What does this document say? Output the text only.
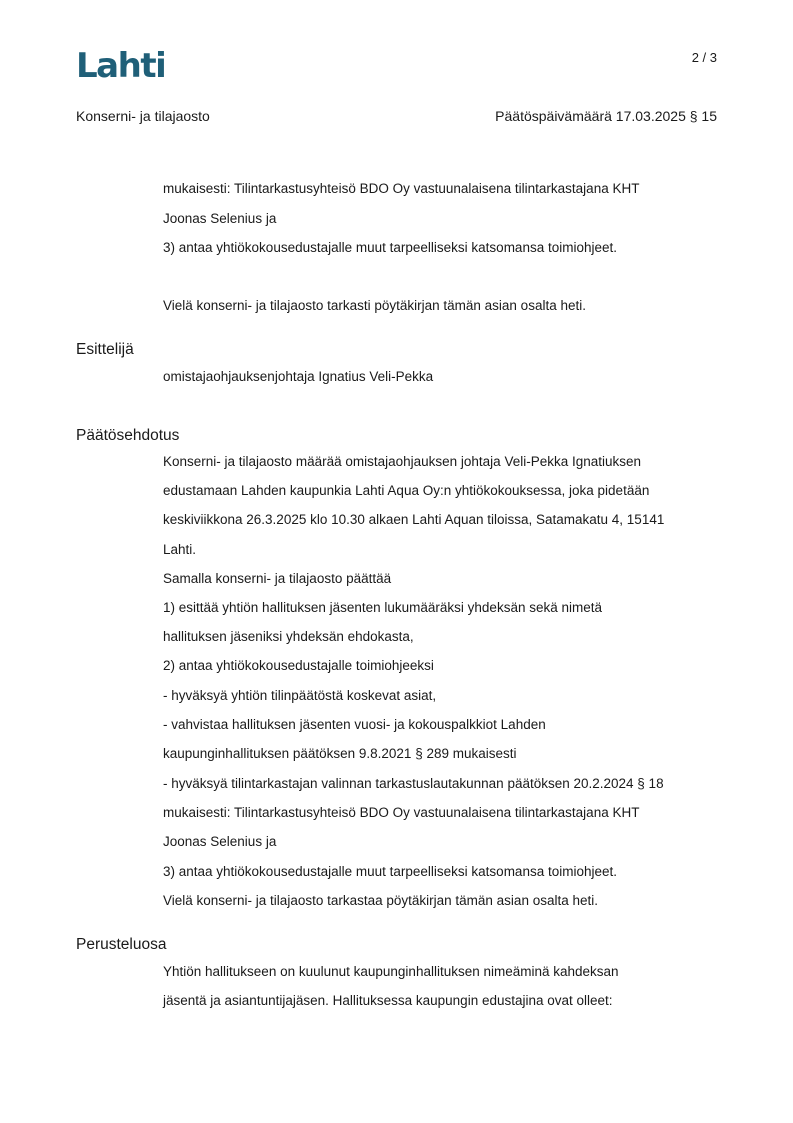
Lahti	2 / 3
Konserni- ja tilajaosto	Päätöspäivämäärä 17.03.2025 § 15
mukaisesti: Tilintarkastusyhteisö BDO Oy vastuunalaisena tilintarkastajana KHT
Joonas Selenius ja
3) antaa yhtiökokousedustajalle muut tarpeelliseksi katsomansa toimiohjeet.
Vielä konserni- ja tilajaosto tarkasti pöytäkirjan tämän asian osalta heti.
Esittelijä
omistajaohjauksenjohtaja Ignatius Veli-Pekka
Päätösehdotus
Konserni- ja tilajaosto määrää omistajaohjauksen johtaja Veli-Pekka Ignatiuksen
edustamaan Lahden kaupunkia Lahti Aqua Oy:n yhtiökokouksessa, joka pidetään
keskiviikkona 26.3.2025 klo 10.30 alkaen Lahti Aquan tiloissa, Satamakatu 4, 15141
Lahti.
Samalla konserni- ja tilajaosto päättää
1) esittää yhtiön hallituksen jäsenten lukumääräksi yhdeksän sekä nimetä
hallituksen jäseniksi yhdeksän ehdokasta,
2) antaa yhtiökokousedustajalle toimiohjeeksi
- hyväksyä yhtiön tilinpäätöstä koskevat asiat,
- vahvistaa hallituksen jäsenten vuosi- ja kokouspalkkiot Lahden
kaupunginhallituksen päätöksen 9.8.2021 § 289 mukaisesti
- hyväksyä tilintarkastajan valinnan tarkastuslautakunnan päätöksen 20.2.2024 § 18
mukaisesti: Tilintarkastusyhteisö BDO Oy vastuunalaisena tilintarkastajana KHT
Joonas Selenius ja
3) antaa yhtiökokousedustajalle muut tarpeelliseksi katsomansa toimiohjeet.
Vielä konserni- ja tilajaosto tarkastaa pöytäkirjan tämän asian osalta heti.
Perusteluosa
Yhtiön hallitukseen on kuulunut kaupunginhallituksen nimeäminä kahdeksan
jäsentä ja asiantuntijajäsen. Hallituksessa kaupungin edustajina ovat olleet:
